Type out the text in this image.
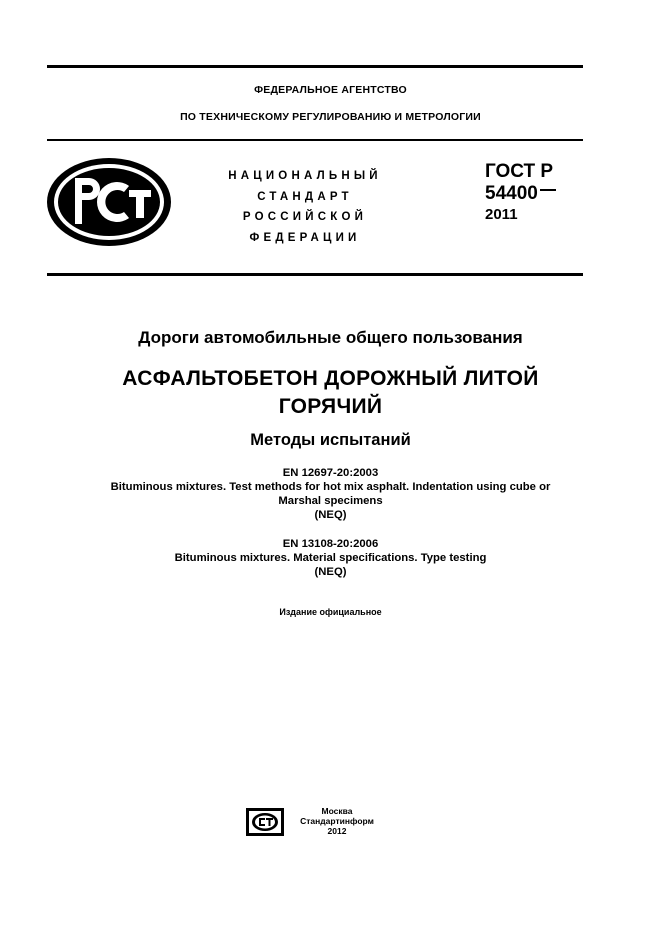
ФЕДЕРАЛЬНОЕ АГЕНТСТВО
ПО ТЕХНИЧЕСКОМУ РЕГУЛИРОВАНИЮ И МЕТРОЛОГИИ
НАЦИОНАЛЬНЫЙ
СТАНДАРТ
РОССИЙСКОЙ
ФЕДЕРАЦИИ
ГОСТ Р
54400
2011
Дороги автомобильные общего пользования
АСФАЛЬТОБЕТОН ДОРОЖНЫЙ ЛИТОЙ
ГОРЯЧИЙ
Методы испытаний
EN 12697-20:2003
Bituminous mixtures. Test methods for hot mix asphalt. Indentation using cube or
Marshal specimens
(NEQ)
EN 13108-20:2006
Bituminous mixtures. Material specifications. Type testing
(NEQ)
Издание официальное
Москва
Стандартинформ
2012
